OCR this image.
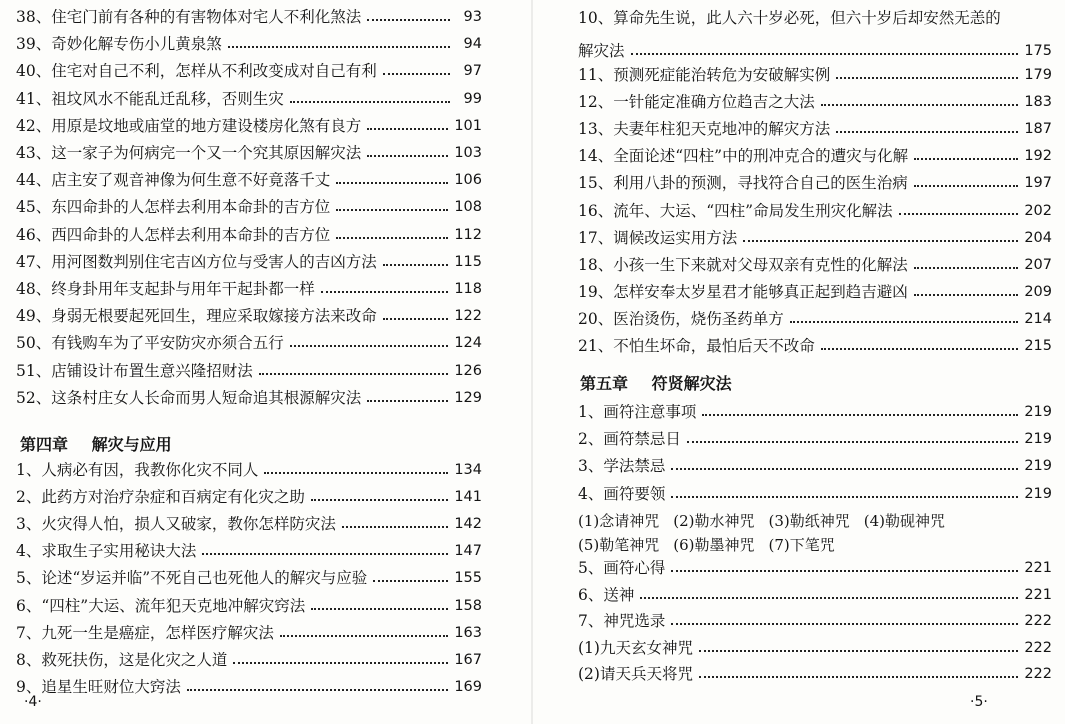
38、住宅门前有各种的有害物体对宅人不利化煞法	93
39、奇妙化解专伤小儿黄泉煞	94
40、住宅对自己不利，怎样从不利改变成对自己有利	97
41、祖坟风水不能乱迁乱移，否则生灾	99
42、用原是坟地或庙堂的地方建设楼房化煞有良方	101
43、这一家子为何病完一个又一个究其原因解灾法	103
44、店主安了观音神像为何生意不好竟落千丈	106
45、东四命卦的人怎样去利用本命卦的吉方位	108
46、西四命卦的人怎样去利用本命卦的吉方位	112
47、用河图数判别住宅吉凶方位与受害人的吉凶方法	115
48、终身卦用年支起卦与用年干起卦都一样	118
49、身弱无根要起死回生，理应采取嫁接方法来改命	122
50、有钱购车为了平安防灾亦须合五行	124
51、店铺设计布置生意兴隆招财法	126
52、这条村庄女人长命而男人短命追其根源解灾法	129
第四章 解灾与应用
1、人病必有因，我教你化灾不同人	134
2、此药方对治疗杂症和百病定有化灾之助	141
3、火灾得人怕，损人又破家，教你怎样防灾法	142
4、求取生子实用秘诀大法	147
5、论述“岁运并临”不死自己也死他人的解灾与应验	155
6、“四柱”大运、流年犯天克地冲解灾窍法	158
7、九死一生是癌症，怎样医疗解灾法	163
8、救死扶伤，这是化灾之人道	167
9、追星生旺财位大窍法	169
·4·
10、算命先生说，此人六十岁必死，但六十岁后却安然无恙的
解灾法	175
11、预测死症能治转危为安破解实例	179
12、一针能定准确方位趋吉之大法	183
13、夫妻年柱犯天克地冲的解灾方法	187
14、全面论述“四柱”中的刑冲克合的遭灾与化解	192
15、利用八卦的预测，寻找符合自己的医生治病	197
16、流年、大运、“四柱”命局发生刑灾化解法	202
17、调候改运实用方法	204
18、小孩一生下来就对父母双亲有克性的化解法	207
19、怎样安奉太岁星君才能够真正起到趋吉避凶	209
20、医治烫伤，烧伤圣药单方	214
21、不怕生坏命，最怕后天不改命	215
第五章 符贤解灾法
1、画符注意事项	219
2、画符禁忌日	219
3、学法禁忌	219
4、画符要领	219
(1)念请神咒 (2)勒水神咒 (3)勒纸神咒 (4)勒砚神咒
(5)勒笔神咒 (6)勒墨神咒 (7)下笔咒
5、画符心得	221
6、送神	221
7、神咒选录	222
(1)九天玄女神咒	222
(2)请天兵天将咒	222
·5·
